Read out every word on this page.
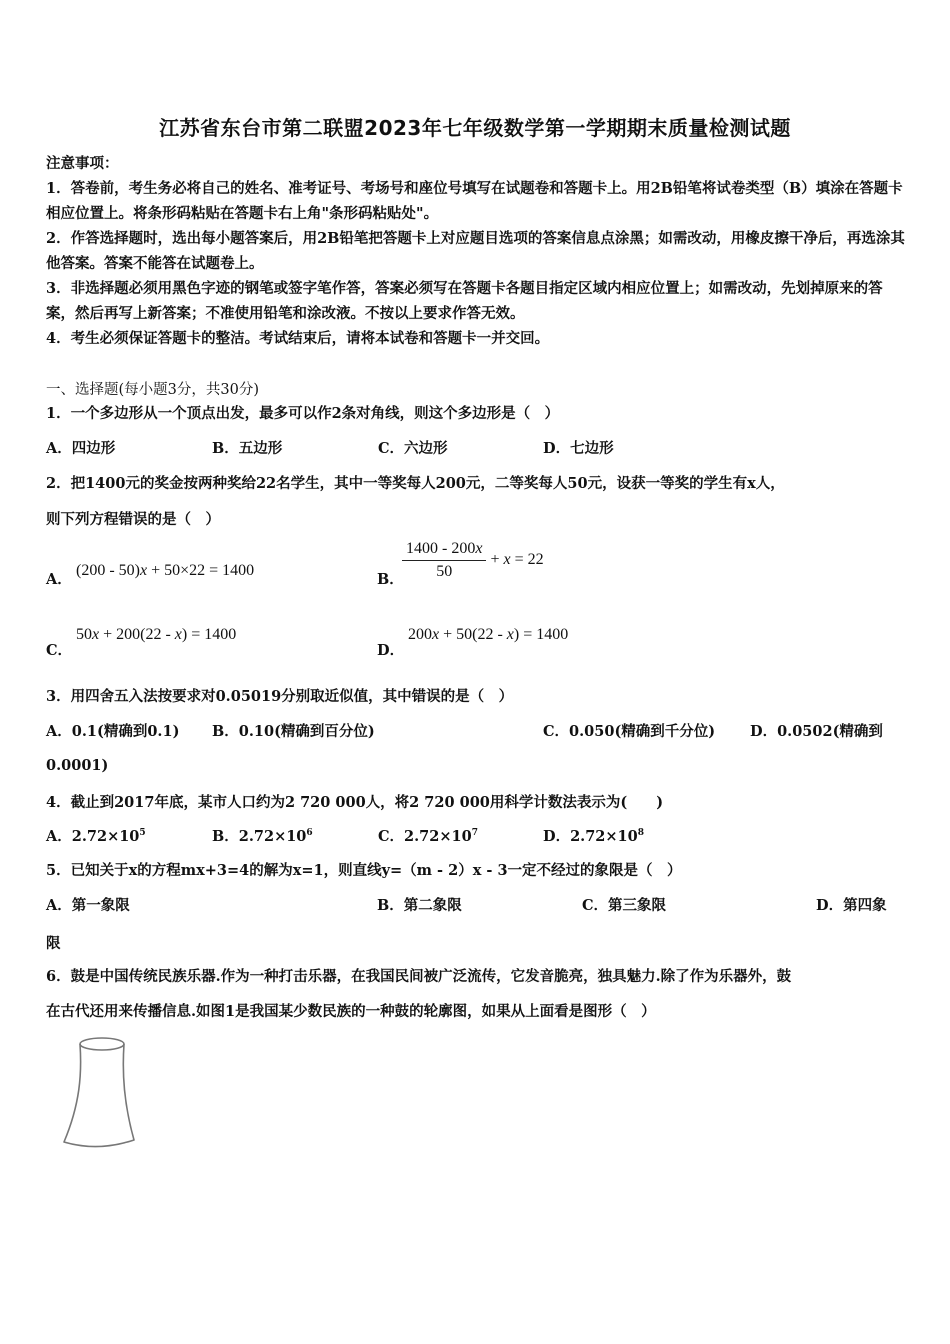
江苏省东台市第二联盟2023年七年级数学第一学期期末质量检测试题
注意事项：
1．答卷前，考生务必将自己的姓名、准考证号、考场号和座位号填写在试题卷和答题卡上。用2B铅笔将试卷类型（B）填涂在答题卡相应位置上。将条形码粘贴在答题卡右上角"条形码粘贴处"。
2．作答选择题时，选出每小题答案后，用2B铅笔把答题卡上对应题目选项的答案信息点涂黑；如需改动，用橡皮擦干净后，再选涂其他答案。答案不能答在试题卷上。
3．非选择题必须用黑色字迹的钢笔或签字笔作答，答案必须写在答题卡各题目指定区域内相应位置上；如需改动，先划掉原来的答案，然后再写上新答案；不准使用铅笔和涂改液。不按以上要求作答无效。
4．考生必须保证答题卡的整洁。考试结束后，请将本试卷和答题卡一并交回。
一、选择题(每小题3分，共30分)
1．一个多边形从一个顶点出发，最多可以作2条对角线，则这个多边形是（　）
A．四边形	B．五边形	C．六边形	D．七边形
2．把1400元的奖金按两种奖给22名学生，其中一等奖每人200元，二等奖每人50元，设获一等奖的学生有x人，
则下列方程错误的是（　）
A．
(200 - 50)x + 50×22 = 1400
B．
$\frac{1400 - 200x}{50} + x = 22$
C．
50x + 200(22 - x) = 1400
D．
200x + 50(22 - x) = 1400
3．用四舍五入法按要求对0.05019分别取近似值，其中错误的是（　）
A．0.1(精确到0.1) B．0.10(精确到百分位)	C．0.050(精确到千分位) D．0.0502(精确到
0.0001)
4．截止到2017年底，某市人口约为2 720 000人，将2 720 000用科学计数法表示为(　　)
A．$2.72\times 10^5$	B．$2.72\times 10^6$	C．$2.72\times 10^7$	D．$2.72\times 10^8$
5．已知关于x的方程mx+3=4的解为x=1，则直线y=（m - 2）x - 3一定不经过的象限是（　）
A．第一象限	B．第二象限	C．第三象限	D．第四象
限
6．鼓是中国传统民族乐器.作为一种打击乐器，在我国民间被广泛流传，它发音脆亮，独具魅力.除了作为乐器外，鼓
在古代还用来传播信息.如图1是我国某少数民族的一种鼓的轮廓图，如果从上面看是图形（　）
